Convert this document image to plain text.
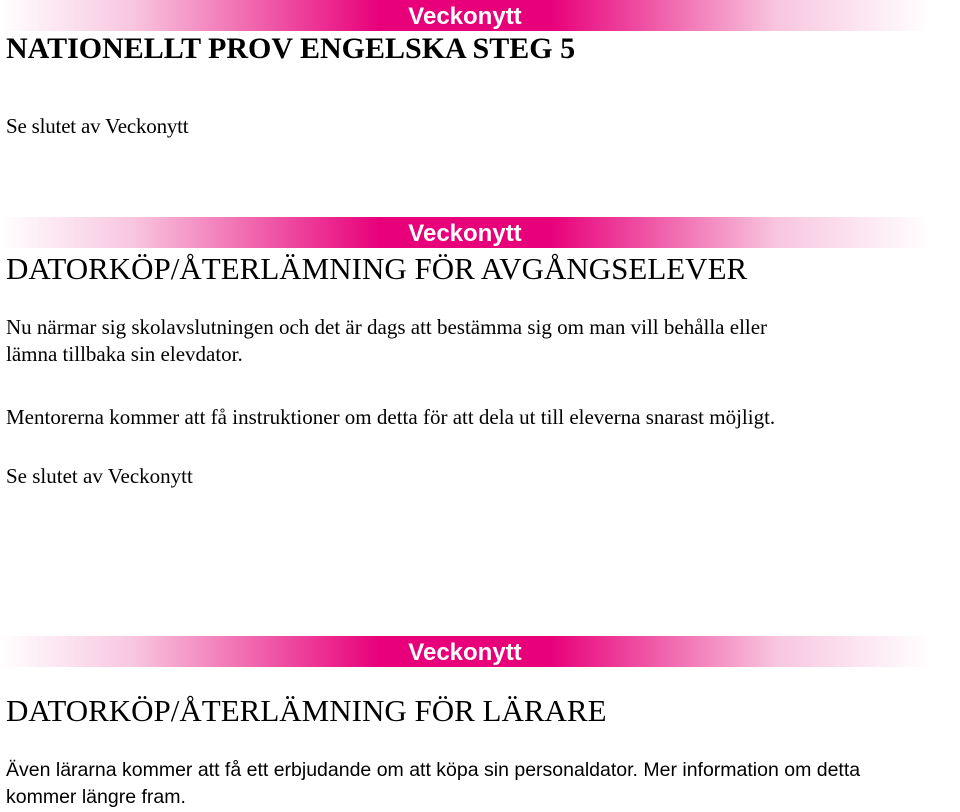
Veckonytt
NATIONELLT PROV ENGELSKA STEG 5

Se slutet av Veckonytt

Veckonytt
DATORKÖP/ÅTERLÄMNING FÖR AVGÅNGSELEVER

Nu närmar sig skolavslutningen och det är dags att bestämma sig om man vill behålla eller

lämna tillbaka sin elevdator.

Mentorerna kommer att få instruktioner om detta för att dela ut till eleverna snarast möjligt.

Se slutet av Veckonytt

Veckonytt
DATORKÖP/ÅTERLÄMNING FÖR LÄRARE

Även lärarna kommer att få ett erbjudande om att köpa sin personaldator. Mer information om detta

kommer längre fram.
